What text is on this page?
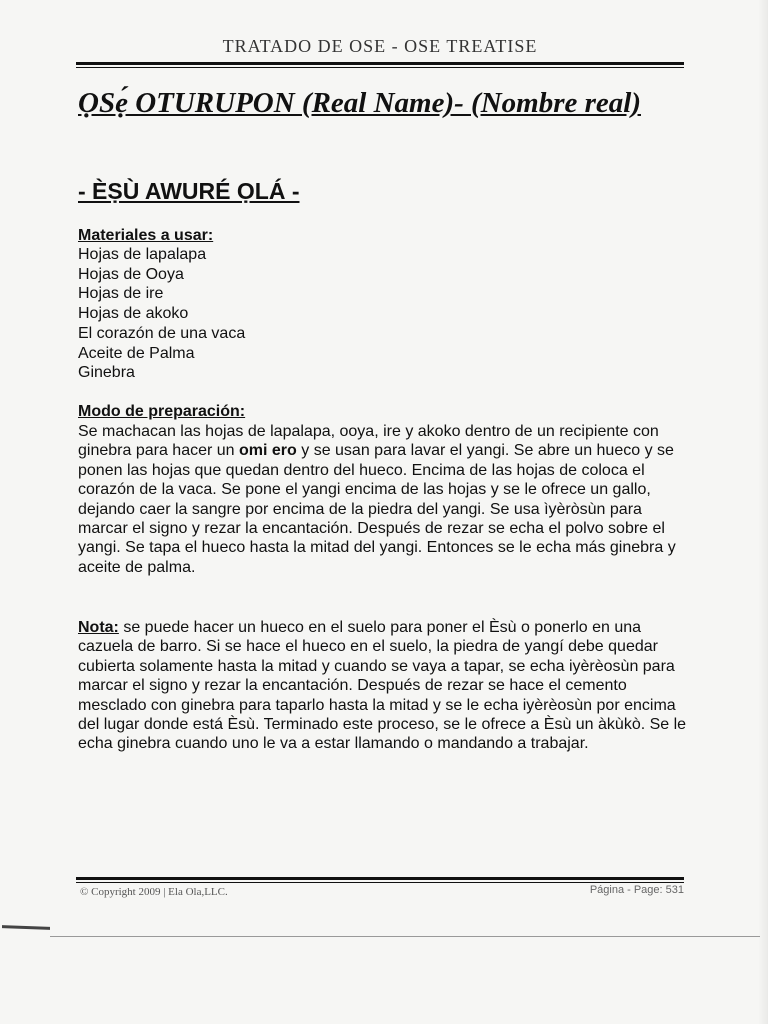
TRATADO DE OSE - OSE TREATISE
ỌSẹ́ OTURUPON (Real Name)- (Nombre real)
- ÈṢÙ AWURÉ ỌLÁ -
Materiales a usar:
Hojas de lapalapa
Hojas de Ooya
Hojas de ire
Hojas de akoko
El corazón de una vaca
Aceite de Palma
Ginebra
Modo de preparación:

Se machacan las hojas de lapalapa, ooya, ire y akoko dentro de un recipiente con ginebra para hacer un omi ero y se usan para lavar el yangi. Se abre un hueco y se ponen las hojas que quedan dentro del hueco. Encima de las hojas de coloca el corazón de la vaca. Se pone el yangi encima de las hojas y se le ofrece un gallo, dejando caer la sangre por encima de la piedra del yangi. Se usa ìyèròsùn para marcar el signo y rezar la encantación. Después de rezar se echa el polvo sobre el yangi. Se tapa el hueco hasta la mitad del yangi. Entonces se le echa más ginebra y aceite de palma.

Nota: se puede hacer un hueco en el suelo para poner el Èsù o ponerlo en una cazuela de barro. Si se hace el hueco en el suelo, la piedra de yangí debe quedar cubierta solamente hasta la mitad y cuando se vaya a tapar, se echa iyèrèosùn para marcar el signo y rezar la encantación. Después de rezar se hace el cemento mesclado con ginebra para taparlo hasta la mitad y se le echa iyèrèosùn por encima del lugar donde está Èsù. Terminado este proceso, se le ofrece a Èsù un àkùkò. Se le echa ginebra cuando uno le va a estar llamando o mandando a trabajar.

© Copyright 2009 | Ela Ola,LLC.	Página - Page: 531
